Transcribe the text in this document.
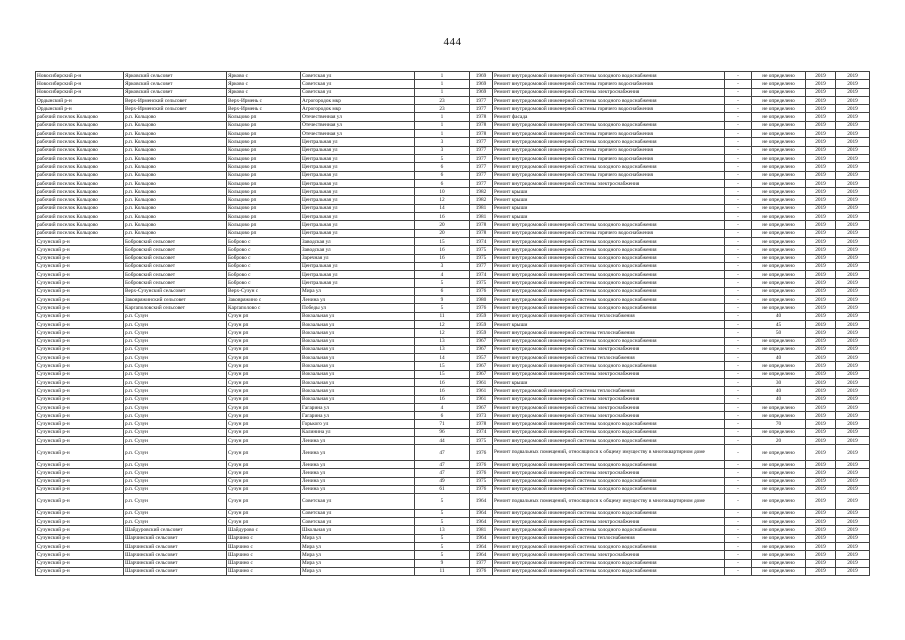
444
Новосибирский р-н	Ярковский сельсовет	Ярково с	Советская ул	1	1969	Ремонт внутридомовой инженерной системы холодного водоснабжения	-	не определено	2019	2019
Новосибирский р-н	Ярковский сельсовет	Ярково с	Советская ул	1	1969	Ремонт внутридомовой инженерной системы горячего водоснабжения	-	не определено	2019	2019
Новосибирский р-н	Ярковский сельсовет	Ярково с	Советская ул	1	1969	Ремонт внутридомовой инженерной системы электроснабжения	-	не определено	2019	2019
Ордынский р-н	Верх-Ирменский сельсовет	Верх-Ирмень с	Агрогородок мкр	23	1977	Ремонт внутридомовой инженерной системы холодного водоснабжения	-	не определено	2019	2019
Ордынский р-н	Верх-Ирменский сельсовет	Верх-Ирмень с	Агрогородок мкр	23	1977	Ремонт внутридомовой инженерной системы горячего водоснабжения	-	не определено	2019	2019
рабочий поселок Кольцово	р.п. Кольцово	Кольцово рп	Отечественная ул	1	1978	Ремонт фасада	-	не определено	2019	2019
рабочий поселок Кольцово	р.п. Кольцово	Кольцово рп	Отечественная ул	1	1978	Ремонт внутридомовой инженерной системы холодного водоснабжения	-	не определено	2019	2019
рабочий поселок Кольцово	р.п. Кольцово	Кольцово рп	Отечественная ул	1	1978	Ремонт внутридомовой инженерной системы горячего водоснабжения	-	не определено	2019	2019
рабочий поселок Кольцово	р.п. Кольцово	Кольцово рп	Центральная ул	3	1977	Ремонт внутридомовой инженерной системы холодного водоснабжения	-	не определено	2019	2019
рабочий поселок Кольцово	р.п. Кольцово	Кольцово рп	Центральная ул	3	1977	Ремонт внутридомовой инженерной системы горячего водоснабжения	-	не определено	2019	2019
рабочий поселок Кольцово	р.п. Кольцово	Кольцово рп	Центральная ул	5	1977	Ремонт внутридомовой инженерной системы горячего водоснабжения	-	не определено	2019	2019
рабочий поселок Кольцово	р.п. Кольцово	Кольцово рп	Центральная ул	6	1977	Ремонт внутридомовой инженерной системы холодного водоснабжения	-	не определено	2019	2019
рабочий поселок Кольцово	р.п. Кольцово	Кольцово рп	Центральная ул	6	1977	Ремонт внутридомовой инженерной системы горячего водоснабжения	-	не определено	2019	2019
рабочий поселок Кольцово	р.п. Кольцово	Кольцово рп	Центральная ул	6	1977	Ремонт внутридомовой инженерной системы электроснабжения	-	не определено	2019	2019
рабочий поселок Кольцово	р.п. Кольцово	Кольцово рп	Центральная ул	10	1982	Ремонт крыши	-	не определено	2019	2019
рабочий поселок Кольцово	р.п. Кольцово	Кольцово рп	Центральная ул	12	1982	Ремонт крыши	-	не определено	2019	2019
рабочий поселок Кольцово	р.п. Кольцово	Кольцово рп	Центральная ул	14	1981	Ремонт крыши	-	не определено	2019	2019
рабочий поселок Кольцово	р.п. Кольцово	Кольцово рп	Центральная ул	16	1981	Ремонт крыши	-	не определено	2019	2019
рабочий поселок Кольцово	р.п. Кольцово	Кольцово рп	Центральная ул	20	1978	Ремонт внутридомовой инженерной системы холодного водоснабжения	-	не определено	2019	2019
рабочий поселок Кольцово	р.п. Кольцово	Кольцово рп	Центральная ул	20	1978	Ремонт внутридомовой инженерной системы горячего водоснабжения	-	не определено	2019	2019
Сузунский р-н	Бобровский сельсовет	Боброво с	Заводская ул	15	1974	Ремонт внутридомовой инженерной системы холодного водоснабжения	-	не определено	2019	2019
Сузунский р-н	Бобровский сельсовет	Боброво с	Заводская ул	16	1975	Ремонт внутридомовой инженерной системы холодного водоснабжения	-	не определено	2019	2019
Сузунский р-н	Бобровский сельсовет	Боброво с	Заречная ул	16	1975	Ремонт внутридомовой инженерной системы холодного водоснабжения	-	не определено	2019	2019
Сузунский р-н	Бобровский сельсовет	Боброво с	Центральная ул	3	1977	Ремонт внутридомовой инженерной системы холодного водоснабжения	-	не определено	2019	2019
Сузунский р-н	Бобровский сельсовет	Боброво с	Центральная ул	4	1974	Ремонт внутридомовой инженерной системы холодного водоснабжения	-	не определено	2019	2019
Сузунский р-н	Бобровский сельсовет	Боброво с	Центральная ул	5	1975	Ремонт внутридомовой инженерной системы холодного водоснабжения	-	не определено	2019	2019
Сузунский р-н	Верх-Сузунский сельсовет	Верх-Сузун с	Мира ул	6	1976	Ремонт внутридомовой инженерной системы холодного водоснабжения	-	не определено	2019	2019
Сузунский р-н	Заковряжинский сельсовет	Заковряжино с	Ленина ул	9	1980	Ремонт внутридомовой инженерной системы холодного водоснабжения	-	не определено	2019	2019
Сузунский р-н	Каргаполовский сельсовет	Каргаполово с	Победы ул	5	1976	Ремонт внутридомовой инженерной системы холодного водоснабжения	-	не определено	2019	2019
Сузунский р-н	р.п. Сузун	Сузун рп	Вокзальная ул	11	1959	Ремонт внутридомовой инженерной системы теплоснабжения	-	40	2019	2019
Сузунский р-н	р.п. Сузун	Сузун рп	Вокзальная ул	12	1959	Ремонт крыши	-	45	2019	2019
Сузунский р-н	р.п. Сузун	Сузун рп	Вокзальная ул	12	1959	Ремонт внутридомовой инженерной системы теплоснабжения	-	50	2019	2019
Сузунский р-н	р.п. Сузун	Сузун рп	Вокзальная ул	13	1967	Ремонт внутридомовой инженерной системы холодного водоснабжения	-	не определено	2019	2019
Сузунский р-н	р.п. Сузун	Сузун рп	Вокзальная ул	13	1967	Ремонт внутридомовой инженерной системы электроснабжения	-	не определено	2019	2019
Сузунский р-н	р.п. Сузун	Сузун рп	Вокзальная ул	14	1957	Ремонт внутридомовой инженерной системы теплоснабжения	-	40	2019	2019
Сузунский р-н	р.п. Сузун	Сузун рп	Вокзальная ул	15	1967	Ремонт внутридомовой инженерной системы холодного водоснабжения	-	не определено	2019	2019
Сузунский р-н	р.п. Сузун	Сузун рп	Вокзальная ул	15	1967	Ремонт внутридомовой инженерной системы электроснабжения	-	не определено	2019	2019
Сузунский р-н	р.п. Сузун	Сузун рп	Вокзальная ул	16	1961	Ремонт крыши	-	30	2019	2019
Сузунский р-н	р.п. Сузун	Сузун рп	Вокзальная ул	16	1961	Ремонт внутридомовой инженерной системы теплоснабжения	-	40	2019	2019
Сузунский р-н	р.п. Сузун	Сузун рп	Вокзальная ул	16	1961	Ремонт внутридомовой инженерной системы электроснабжения	-	40	2019	2019
Сузунский р-н	р.п. Сузун	Сузун рп	Гагарина ул	4	1967	Ремонт внутридомовой инженерной системы электроснабжения	-	не определено	2019	2019
Сузунский р-н	р.п. Сузун	Сузун рп	Гагарина ул	6	1973	Ремонт внутридомовой инженерной системы электроснабжения	-	не определено	2019	2019
Сузунский р-н	р.п. Сузун	Сузун рп	Горького ул	71	1978	Ремонт внутридомовой инженерной системы холодного водоснабжения	-	70	2019	2019
Сузунский р-н	р.п. Сузун	Сузун рп	Калинина ул	96	1974	Ремонт внутридомовой инженерной системы холодного водоснабжения	-	не определено	2019	2019
Сузунский р-н	р.п. Сузун	Сузун рп	Ленина ул	44	1975	Ремонт внутридомовой инженерной системы холодного водоснабжения	-	20	2019	2019
Сузунский р-н	р.п. Сузун	Сузун рп	Ленина ул	47	1976	Ремонт подвальных помещений, относящихся к общему имуществу в многоквартирном доме	-	не определено	2019	2019
Сузунский р-н	р.п. Сузун	Сузун рп	Ленина ул	47	1976	Ремонт внутридомовой инженерной системы холодного водоснабжения	-	не определено	2019	2019
Сузунский р-н	р.п. Сузун	Сузун рп	Ленина ул	47	1976	Ремонт внутридомовой инженерной системы электроснабжения	-	не определено	2019	2019
Сузунский р-н	р.п. Сузун	Сузун рп	Ленина ул	49	1975	Ремонт внутридомовой инженерной системы холодного водоснабжения	-	не определено	2019	2019
Сузунский р-н	р.п. Сузун	Сузун рп	Ленина ул	61	1976	Ремонт внутридомовой инженерной системы холодного водоснабжения	-	не определено	2019	2019
Сузунский р-н	р.п. Сузун	Сузун рп	Советская ул	5	1964	Ремонт подвальных помещений, относящихся к общему имуществу в многоквартирном доме	-	не определено	2019	2019
Сузунский р-н	р.п. Сузун	Сузун рп	Советская ул	5	1964	Ремонт внутридомовой инженерной системы холодного водоснабжения	-	не определено	2019	2019
Сузунский р-н	р.п. Сузун	Сузун рп	Советская ул	5	1964	Ремонт внутридомовой инженерной системы электроснабжения	-	не определено	2019	2019
Сузунский р-н	Шайдуровский сельсовет	Шайдурово с	Школьная ул	13	1981	Ремонт внутридомовой инженерной системы холодного водоснабжения	-	не определено	2019	2019
Сузунский р-н	Шарчинский сельсовет	Шарчино с	Мира ул	5	1964	Ремонт внутридомовой инженерной системы теплоснабжения	-	не определено	2019	2019
Сузунский р-н	Шарчинский сельсовет	Шарчино с	Мира ул	5	1964	Ремонт внутридомовой инженерной системы холодного водоснабжения	-	не определено	2019	2019
Сузунский р-н	Шарчинский сельсовет	Шарчино с	Мира ул	5	1964	Ремонт внутридомовой инженерной системы электроснабжения	-	не определено	2019	2019
Сузунский р-н	Шарчинский сельсовет	Шарчино с	Мира ул	9	1977	Ремонт внутридомовой инженерной системы холодного водоснабжения	-	не определено	2019	2019
Сузунский р-н	Шарчинский сельсовет	Шарчино с	Мира ул	11	1976	Ремонт внутридомовой инженерной системы холодного водоснабжения	-	не определено	2019	2019
